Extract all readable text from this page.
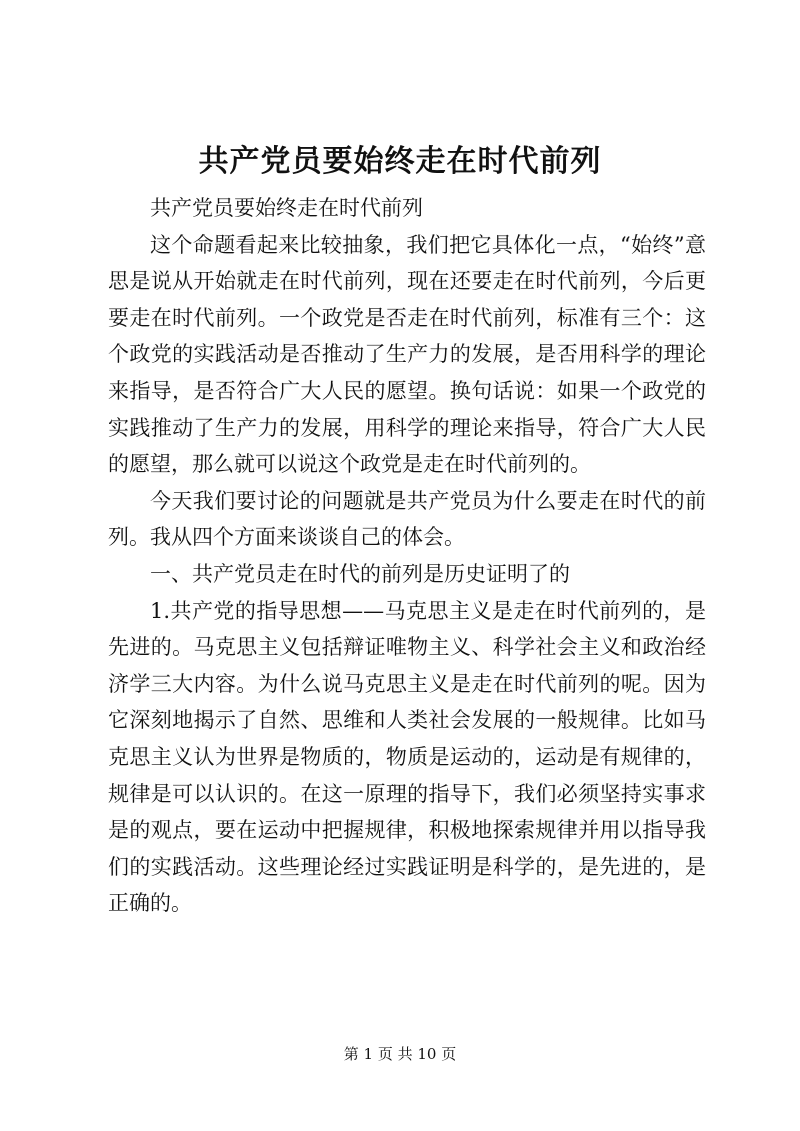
共产党员要始终走在时代前列

共产党员要始终走在时代前列

这个命题看起来比较抽象，我们把它具体化一点，“始终”意思是说从开始就走在时代前列，现在还要走在时代前列，今后更要走在时代前列。一个政党是否走在时代前列，标准有三个：这个政党的实践活动是否推动了生产力的发展，是否用科学的理论来指导，是否符合广大人民的愿望。换句话说：如果一个政党的实践推动了生产力的发展，用科学的理论来指导，符合广大人民的愿望，那么就可以说这个政党是走在时代前列的。

今天我们要讨论的问题就是共产党员为什么要走在时代的前列。我从四个方面来谈谈自己的体会。

一、共产党员走在时代的前列是历史证明了的

1.共产党的指导思想——马克思主义是走在时代前列的，是先进的。马克思主义包括辩证唯物主义、科学社会主义和政治经济学三大内容。为什么说马克思主义是走在时代前列的呢。因为它深刻地揭示了自然、思维和人类社会发展的一般规律。比如马克思主义认为世界是物质的，物质是运动的，运动是有规律的，规律是可以认识的。在这一原理的指导下，我们必须坚持实事求是的观点，要在运动中把握规律，积极地探索规律并用以指导我们的实践活动。这些理论经过实践证明是科学的，是先进的，是正确的。

第 1 页 共 10 页
